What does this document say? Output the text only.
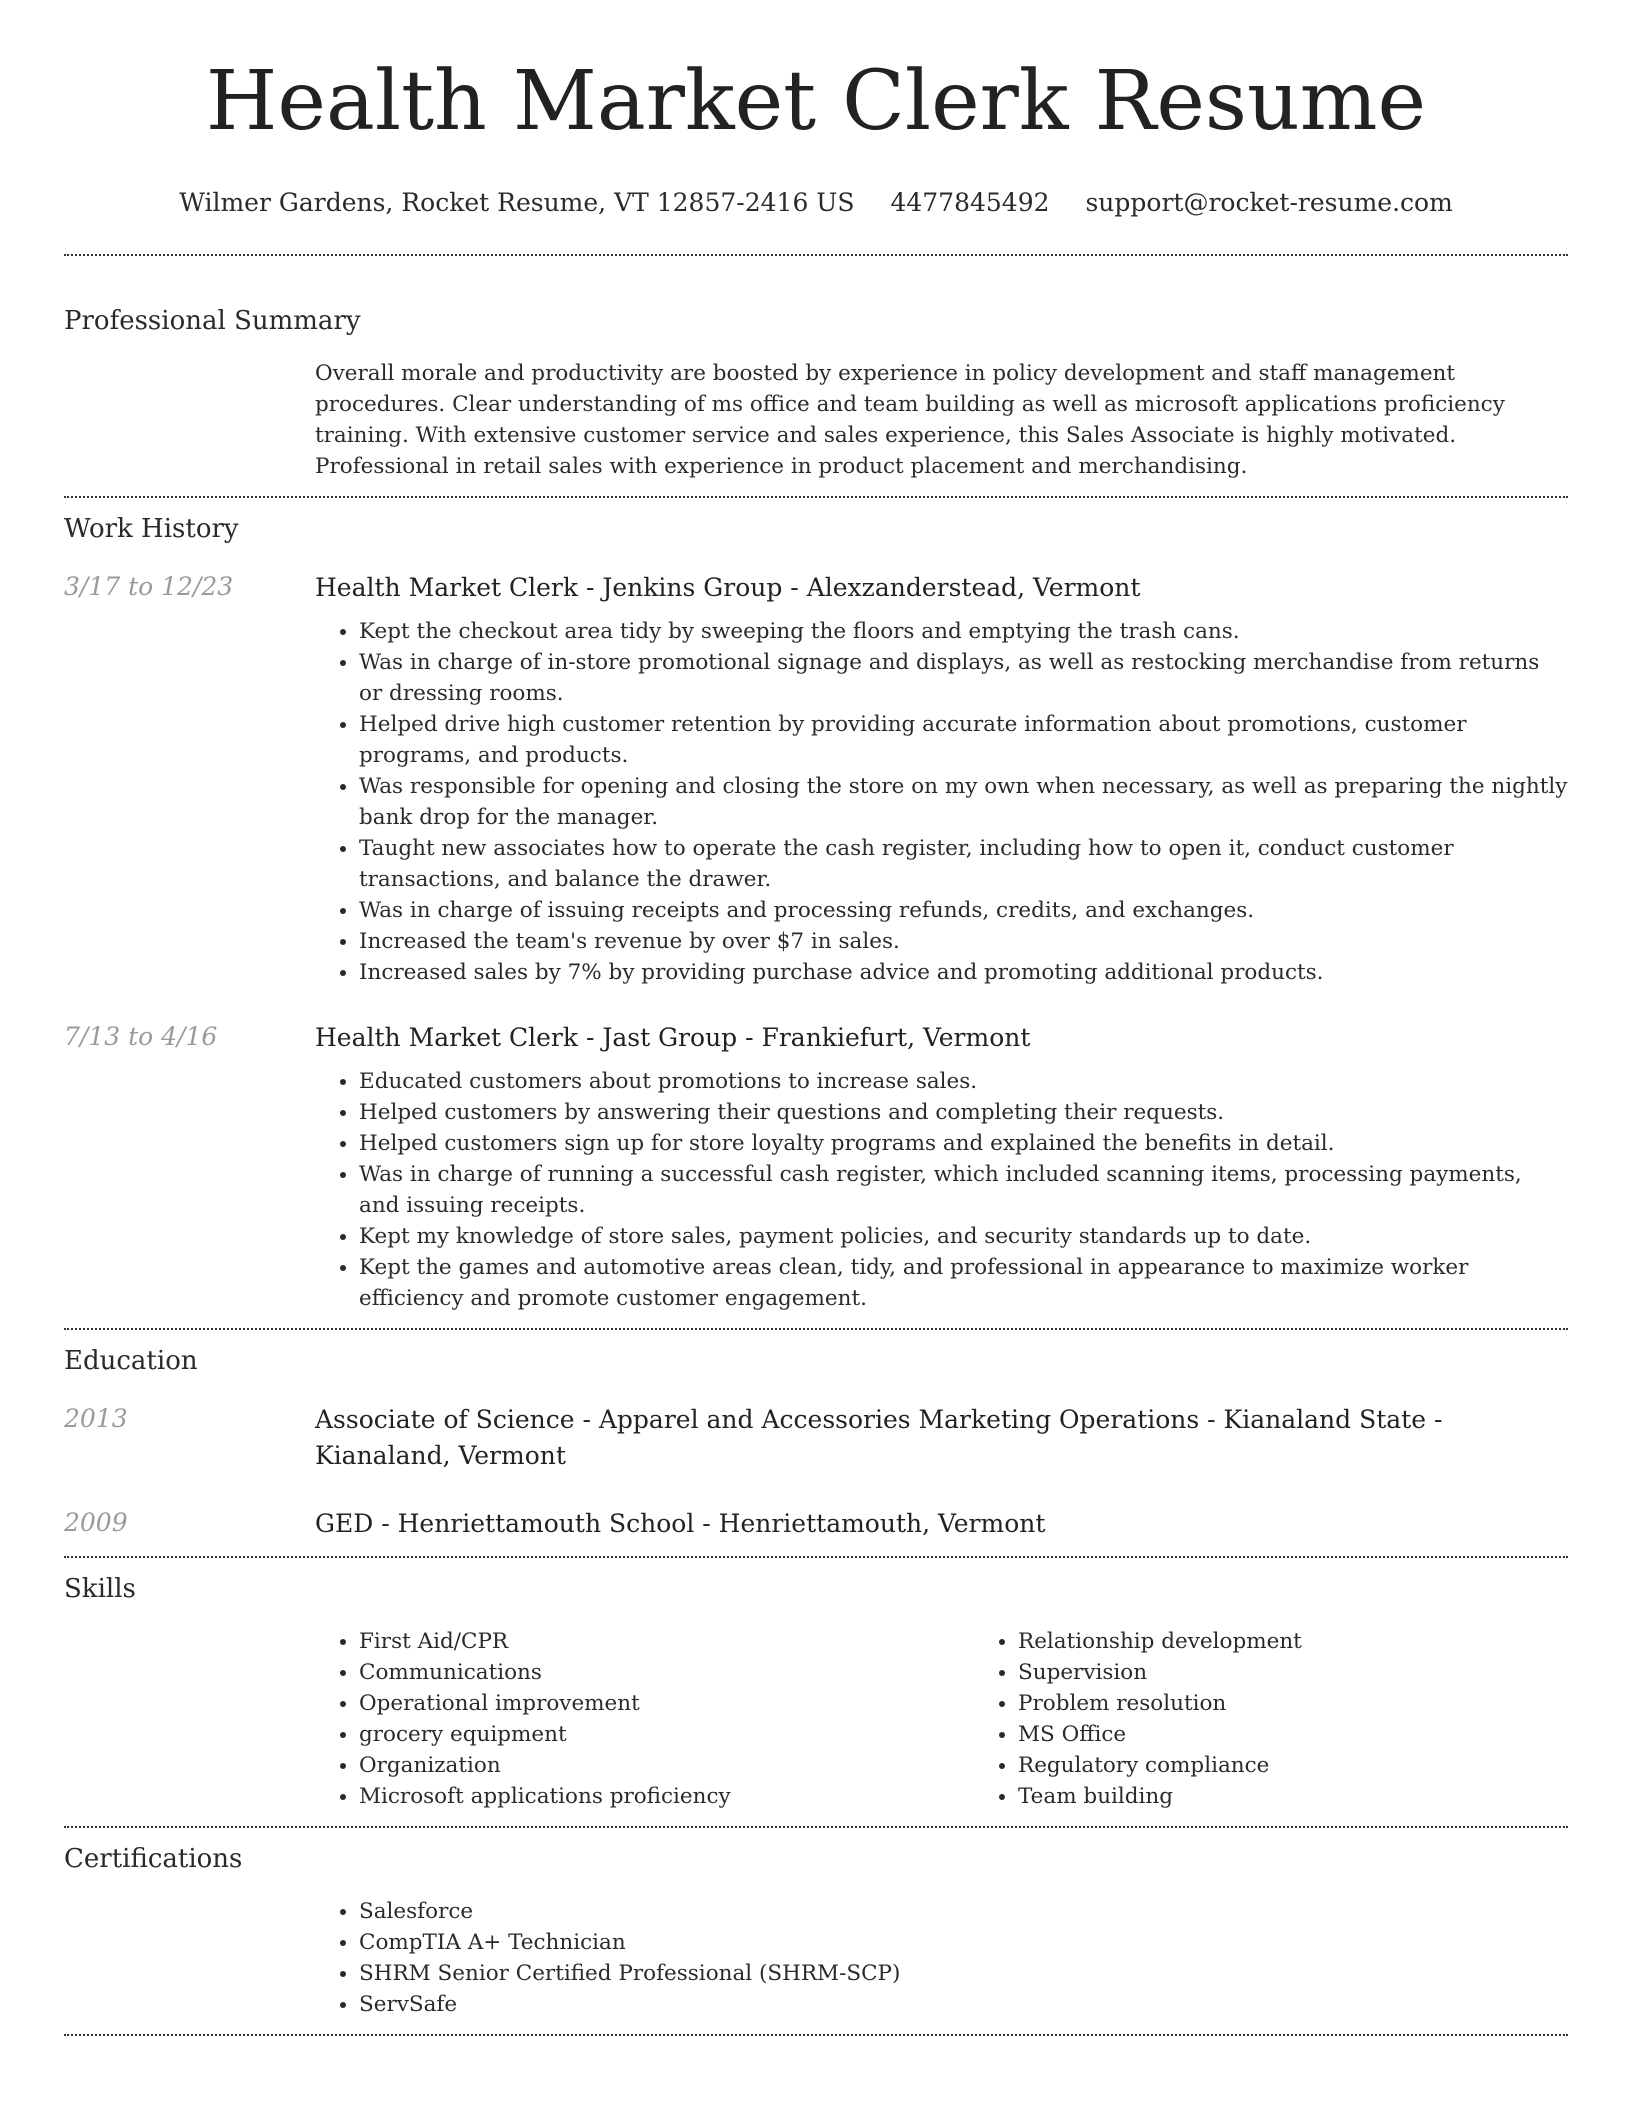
Health Market Clerk Resume
Wilmer Gardens, Rocket Resume, VT 12857-2416 US 4477845492 support@rocket-resume.com
Professional Summary
Overall morale and productivity are boosted by experience in policy development and staff management procedures. Clear understanding of ms office and team building as well as microsoft applications proficiency training. With extensive customer service and sales experience, this Sales Associate is highly motivated. Professional in retail sales with experience in product placement and merchandising.
Work History
3/17 to 12/23	Health Market Clerk - Jenkins Group - Alexzanderstead, Vermont
• Kept the checkout area tidy by sweeping the floors and emptying the trash cans.
• Was in charge of in-store promotional signage and displays, as well as restocking merchandise from returns or dressing rooms.
• Helped drive high customer retention by providing accurate information about promotions, customer programs, and products.
• Was responsible for opening and closing the store on my own when necessary, as well as preparing the nightly bank drop for the manager.
• Taught new associates how to operate the cash register, including how to open it, conduct customer transactions, and balance the drawer.
• Was in charge of issuing receipts and processing refunds, credits, and exchanges.
• Increased the team's revenue by over $7 in sales.
• Increased sales by 7% by providing purchase advice and promoting additional products.
7/13 to 4/16	Health Market Clerk - Jast Group - Frankiefurt, Vermont
• Educated customers about promotions to increase sales.
• Helped customers by answering their questions and completing their requests.
• Helped customers sign up for store loyalty programs and explained the benefits in detail.
• Was in charge of running a successful cash register, which included scanning items, processing payments, and issuing receipts.
• Kept my knowledge of store sales, payment policies, and security standards up to date.
• Kept the games and automotive areas clean, tidy, and professional in appearance to maximize worker efficiency and promote customer engagement.
Education
2013	Associate of Science - Apparel and Accessories Marketing Operations - Kianaland State - Kianaland, Vermont
2009	GED - Henriettamouth School - Henriettamouth, Vermont
Skills
• First Aid/CPR
• Communications
• Operational improvement
• grocery equipment
• Organization
• Microsoft applications proficiency
• Relationship development
• Supervision
• Problem resolution
• MS Office
• Regulatory compliance
• Team building
Certifications
• Salesforce
• CompTIA A+ Technician
• SHRM Senior Certified Professional (SHRM-SCP)
• ServSafe
